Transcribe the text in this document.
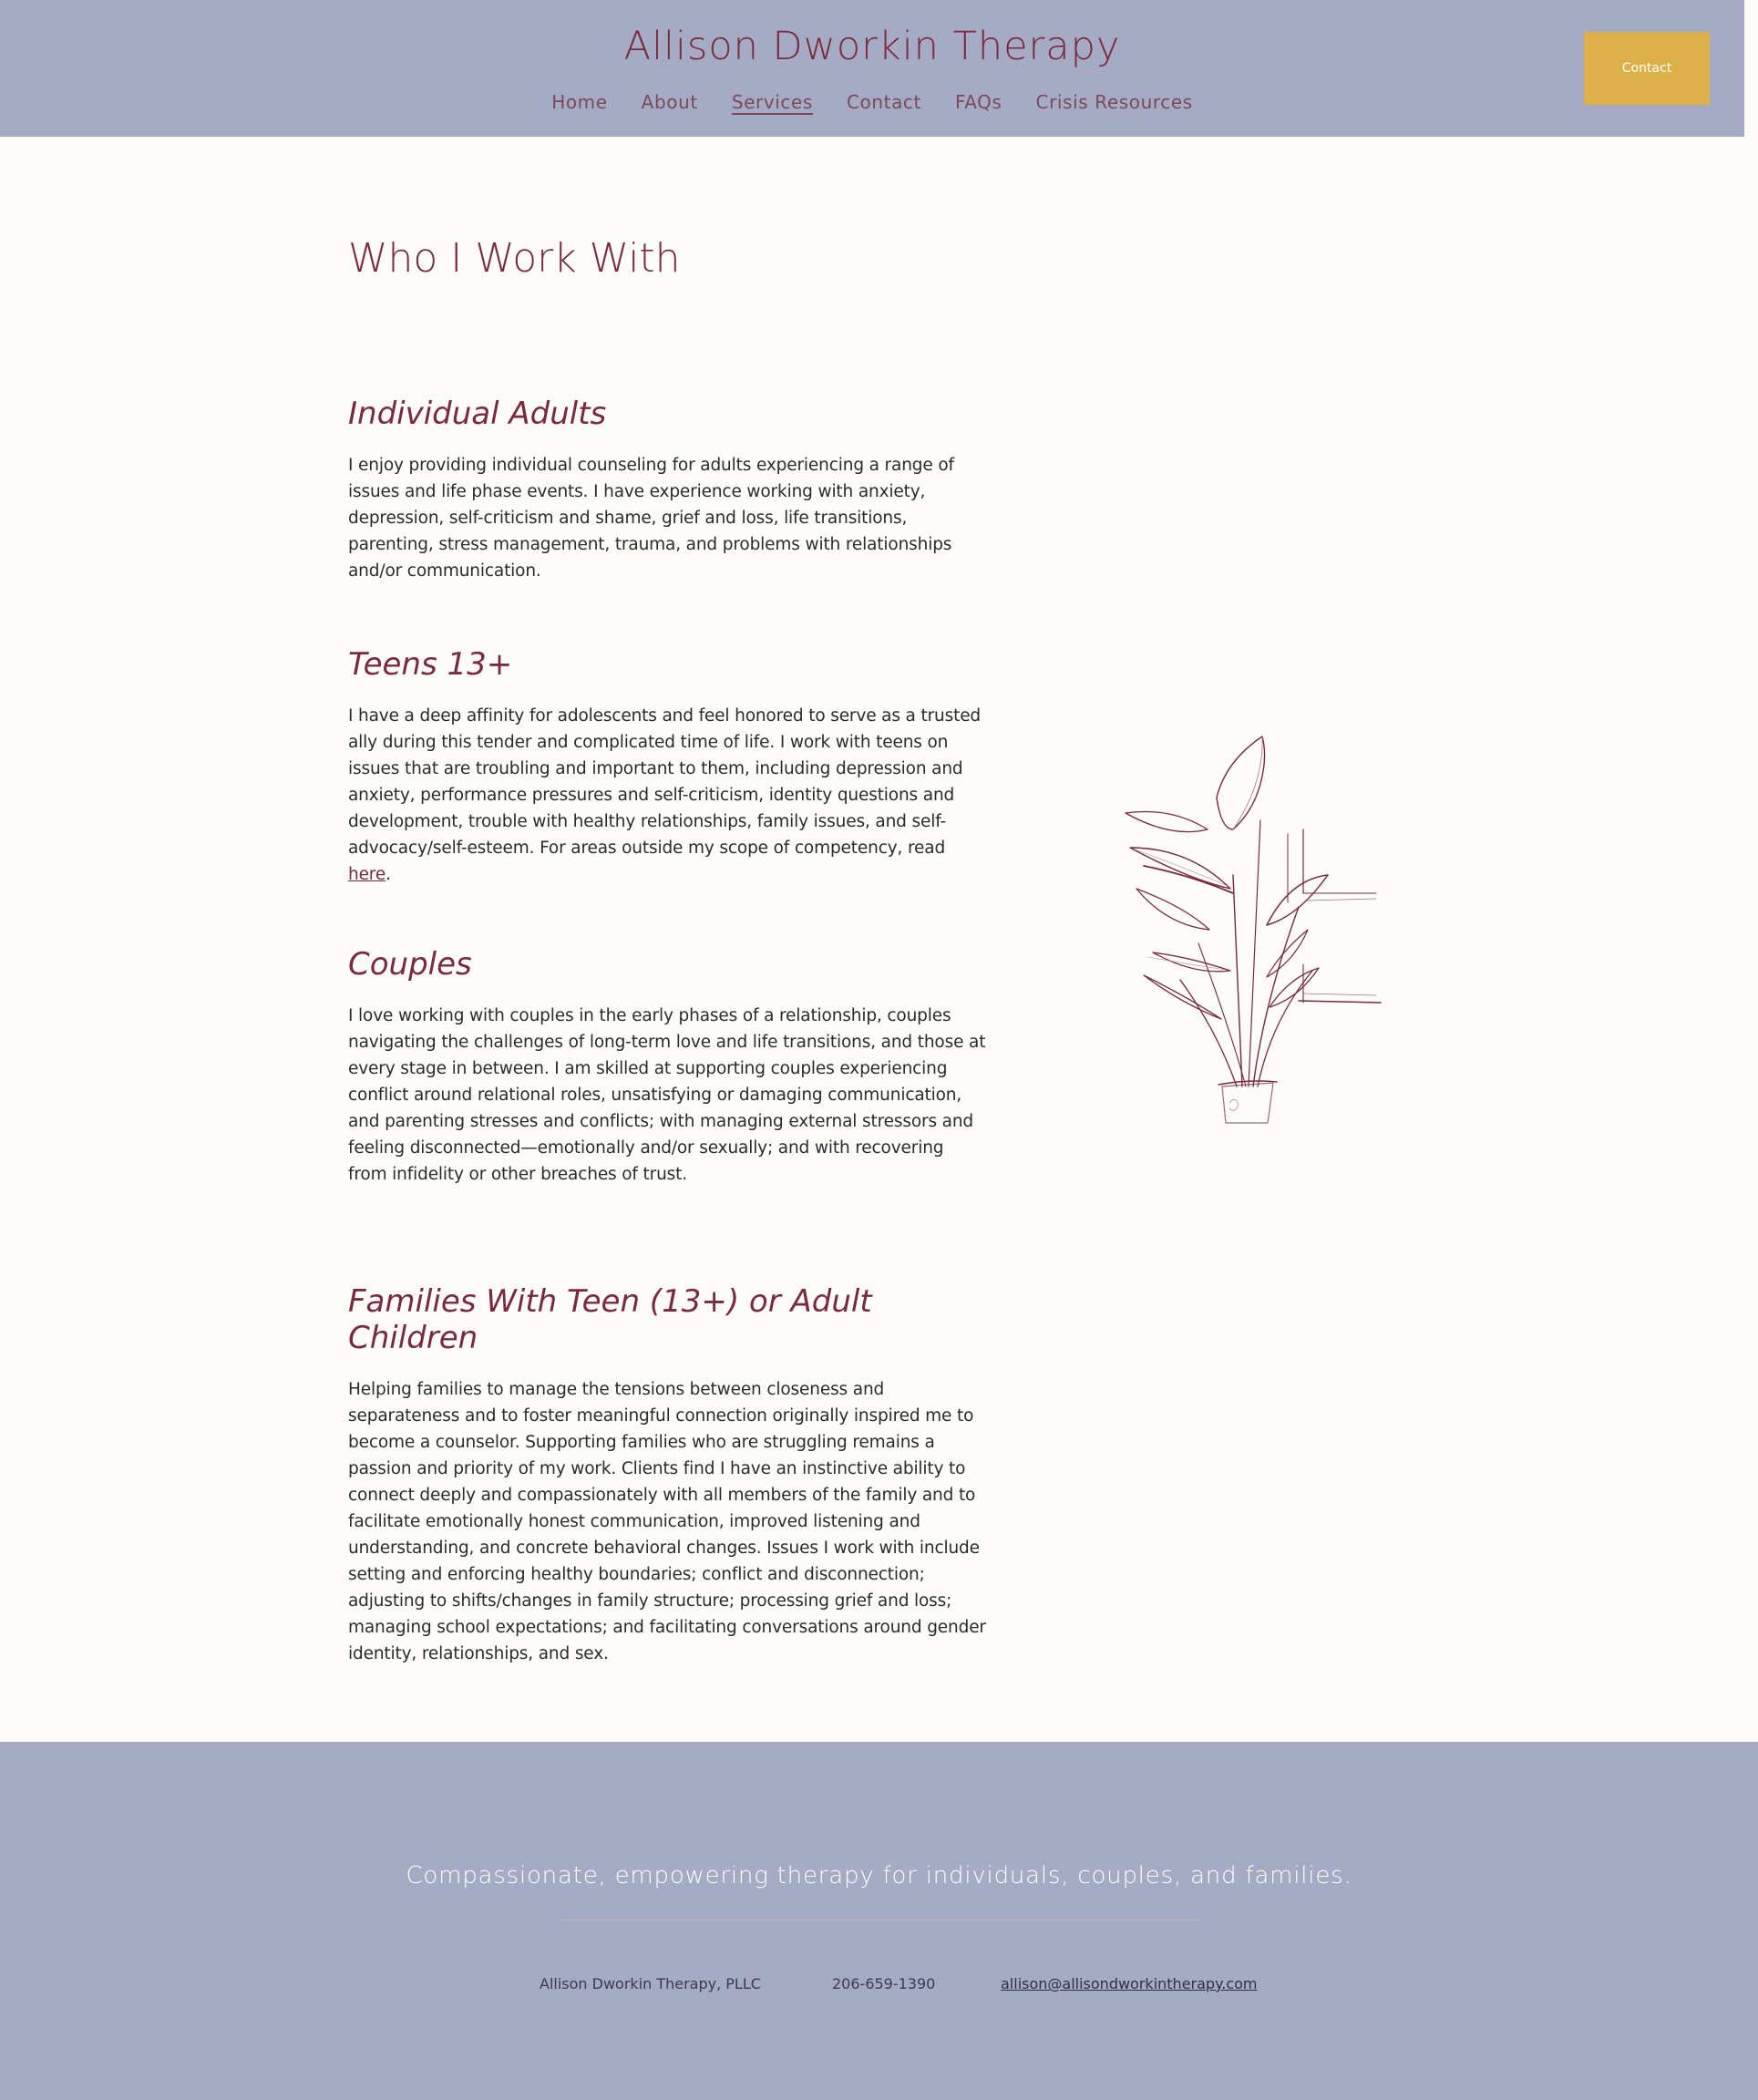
Allison Dworkin Therapy
Home About Services Contact FAQs Crisis Resources
Contact
Who I Work With
Individual Adults

I enjoy providing individual counseling for adults experiencing a range of issues and life phase events. I have experience working with anxiety, depression, self-criticism and shame, grief and loss, life transitions, parenting, stress management, trauma, and problems with relationships and/or communication.

Teens 13+

I have a deep affinity for adolescents and feel honored to serve as a trusted ally during this tender and complicated time of life. I work with teens on issues that are troubling and important to them, including depression and anxiety, performance pressures and self-criticism, identity questions and development, trouble with healthy relationships, family issues, and self-advocacy/self-esteem. For areas outside my scope of competency, read here.

Couples

I love working with couples in the early phases of a relationship, couples navigating the challenges of long-term love and life transitions, and those at every stage in between. I am skilled at supporting couples experiencing conflict around relational roles, unsatisfying or damaging communication, and parenting stresses and conflicts; with managing external stressors and feeling disconnected—emotionally and/or sexually; and with recovering from infidelity or other breaches of trust.

Families With Teen (13+) or Adult Children

Helping families to manage the tensions between closeness and separateness and to foster meaningful connection originally inspired me to become a counselor. Supporting families who are struggling remains a passion and priority of my work. Clients find I have an instinctive ability to connect deeply and compassionately with all members of the family and to facilitate emotionally honest communication, improved listening and understanding, and concrete behavioral changes. Issues I work with include setting and enforcing healthy boundaries; conflict and disconnection; adjusting to shifts/changes in family structure; processing grief and loss; managing school expectations; and facilitating conversations around gender identity, relationships, and sex.

Compassionate, empowering therapy for individuals, couples, and families.

Allison Dworkin Therapy, PLLC	206-659-1390	allison@allisondworkintherapy.com
